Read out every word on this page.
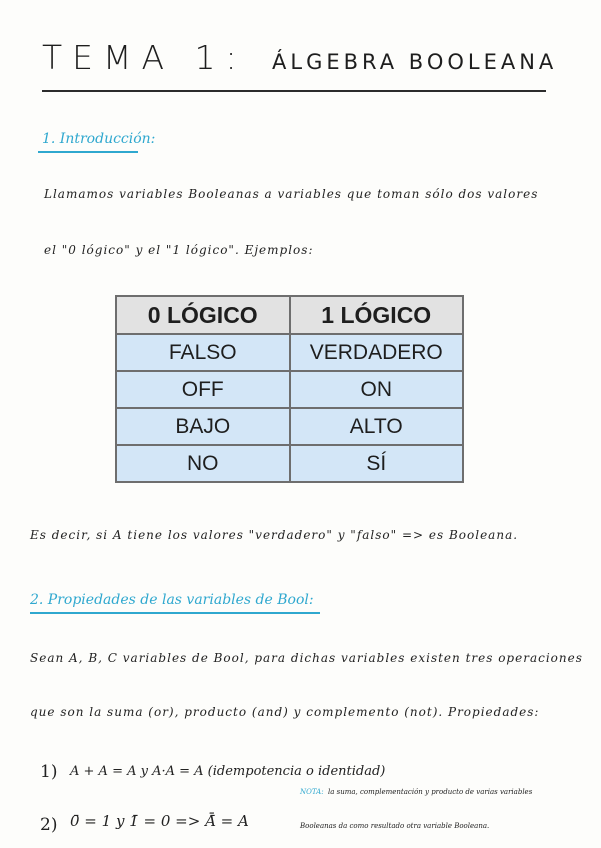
TEMA 1: ÁLGEBRA BOOLEANA
1. Introducción:
Llamamos variables Booleanas a variables que toman sólo dos valores
el "0 lógico" y el "1 lógico". Ejemplos:
0 LÓGICO	1 LÓGICO
FALSO	VERDADERO
OFF	ON
BAJO	ALTO
NO	SÍ
Es decir, si A tiene los valores "verdadero" y "falso" => es Booleana.
2. Propiedades de las variables de Bool:
Sean A, B, C variables de Bool, para dichas variables existen tres operaciones
que son la suma (or), producto (and) y complemento (not). Propiedades:
1) A + A = A y A·A = A (idempotencia o identidad)
2) 0̄ = 1 y 1̄ = 0 => Ā̄ = A
NOTA: la suma, complementación y producto de varias variables
Booleanas da como resultado otra variable Booleana.
